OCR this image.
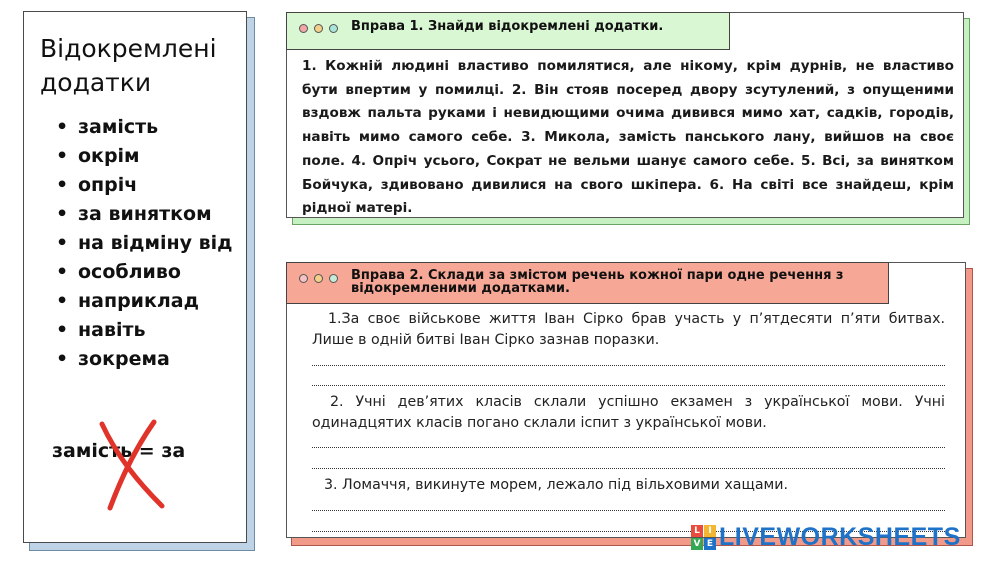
Відокремлені додатки
• замість
• окрім
• опріч
• за винятком
• на відміну від
• особливо
• наприклад
• навіть
• зокрема
замість = за
Вправа 1. Знайди відокремлені додатки.
1. Кожній людині властиво помилятися, але нікому, крім дурнів, не властиво бути впертим у помилці. 2. Він стояв посеред двору зсутулений, з опущеними вздовж пальта руками і невидющими очима дивився мимо хат, садків, городів, навіть мимо самого себе. 3. Микола, замість панського лану, вийшов на своє поле. 4. Опріч усього, Сократ не вельми шанує самого себе. 5. Всі, за винятком Бойчука, здивовано дивилися на свого шкіпера. 6. На світі все знайдеш, крім рідної матері.
Вправа 2. Склади за змістом речень кожної пари одне речення з відокремленими додатками.
1.За своє військове життя Іван Сірко брав участь у п’ятдесяти п’яти битвах. Лише в одній битві Іван Сірко зазнав поразки.
2. Учні дев’ятих класів склали успішно екзамен з української мови. Учні одинадцятих класів погано склали іспит з української мови.
3. Ломаччя, викинуте морем, лежало під вільховими хащами.
L I
V E LIVEWORKSHEETS
